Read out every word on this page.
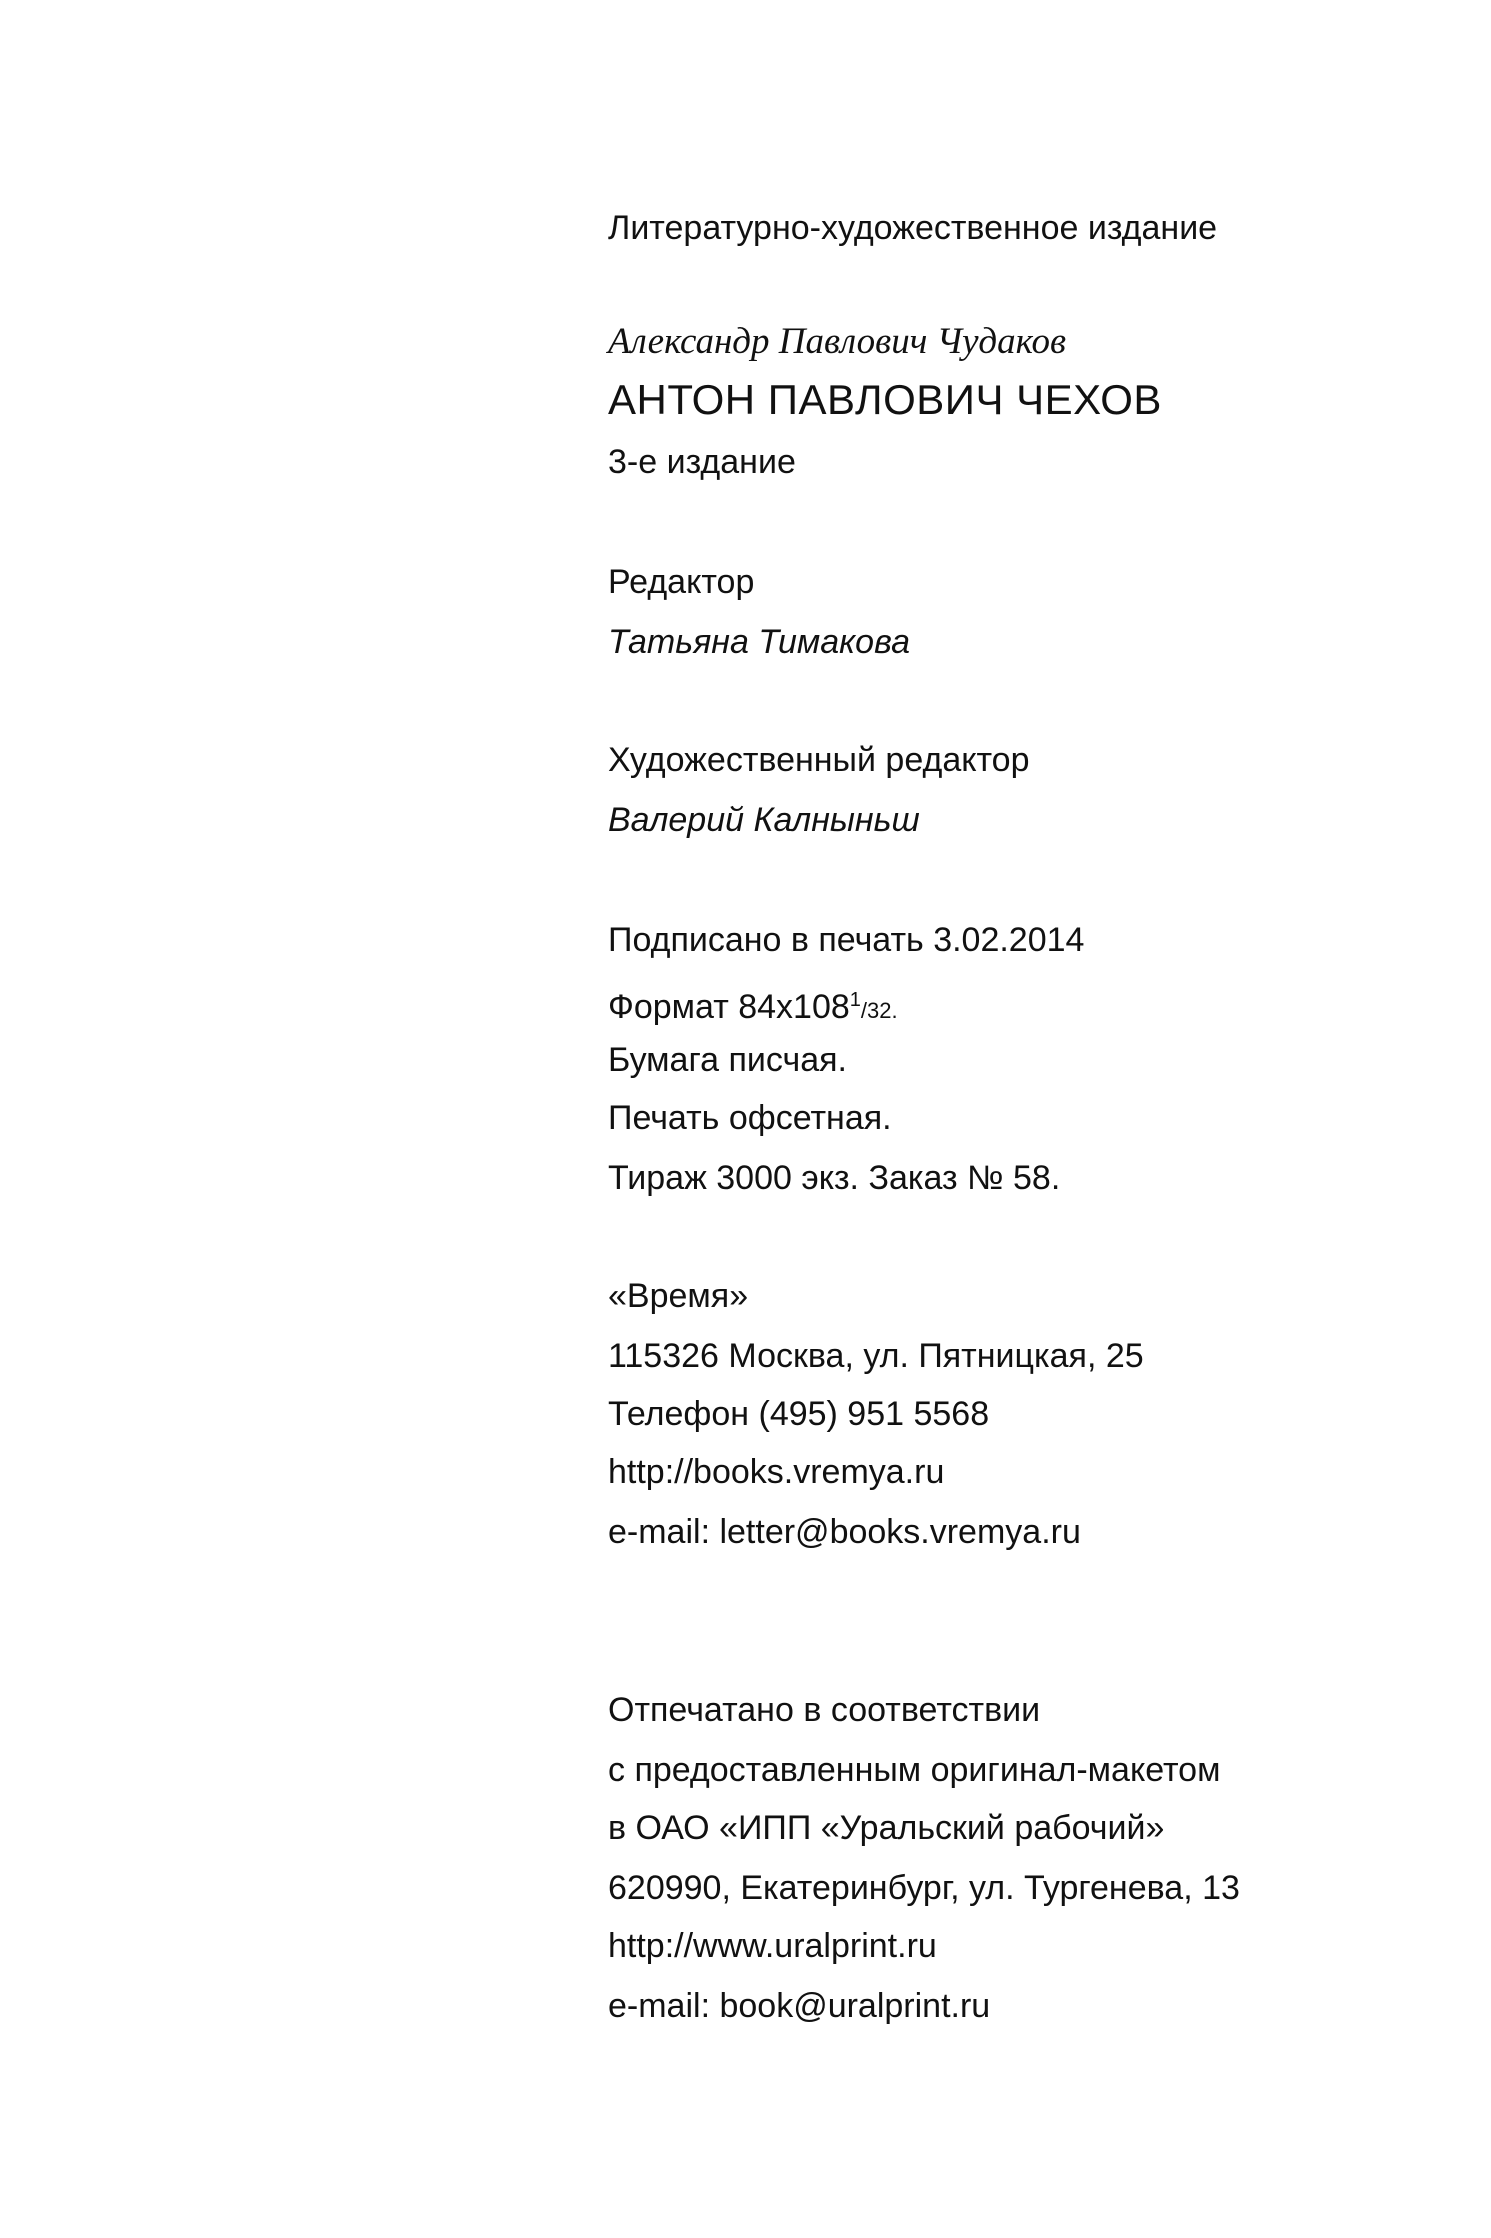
Литературно-художественное издание
Александр Павлович Чудаков
АНТОН ПАВЛОВИЧ ЧЕХОВ
3-е издание
Редактор
Татьяна Тимакова
Художественный редактор
Валерий Калныньш
Подписано в печать 3.02.2014
Формат $84х108^1/32$.
Бумага писчая.
Печать офсетная.
Тираж 3000 экз. Заказ № 58.
«Время»
115326 Москва, ул. Пятницкая, 25
Телефон (495) 951 5568
http://books.vremya.ru
e-mail: letter@books.vremya.ru
Отпечатано в соответствии
с предоставленным оригинал-макетом
в ОАО «ИПП «Уральский рабочий»
620990, Екатеринбург, ул. Тургенева, 13
http://www.uralprint.ru
e-mail: book@uralprint.ru
